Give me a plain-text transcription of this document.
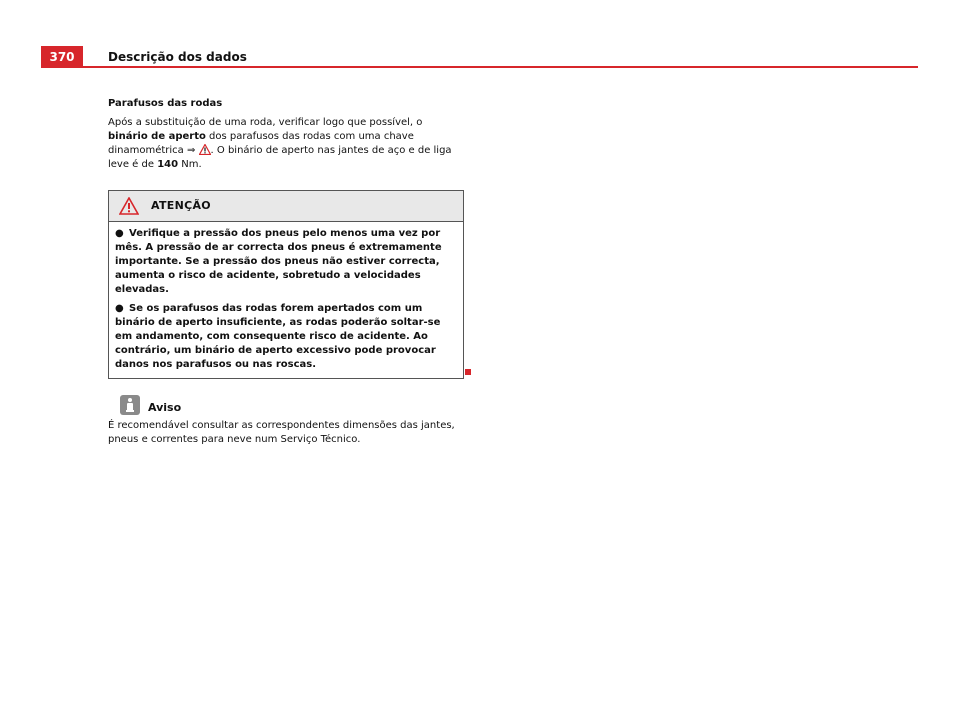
370	Descrição dos dados
Parafusos das rodas

Após a substituição de uma roda, verificar logo que possível, o binário de aperto dos parafusos das rodas com uma chave dinamométrica ⇒ . O binário de aperto nas jantes de aço e de liga leve é de 140 Nm.

ATENÇÃO

● Verifique a pressão dos pneus pelo menos uma vez por mês. A pressão de ar correcta dos pneus é extremamente importante. Se a pressão dos pneus não estiver correcta, aumenta o risco de acidente, sobretudo a velocidades elevadas.

● Se os parafusos das rodas forem apertados com um binário de aperto insuficiente, as rodas poderão soltar-se em andamento, com consequente risco de acidente. Ao contrário, um binário de aperto excessivo pode provocar danos nos parafusos ou nas roscas.

Aviso

É recomendável consultar as correspondentes dimensões das jantes, pneus e correntes para neve num Serviço Técnico.
